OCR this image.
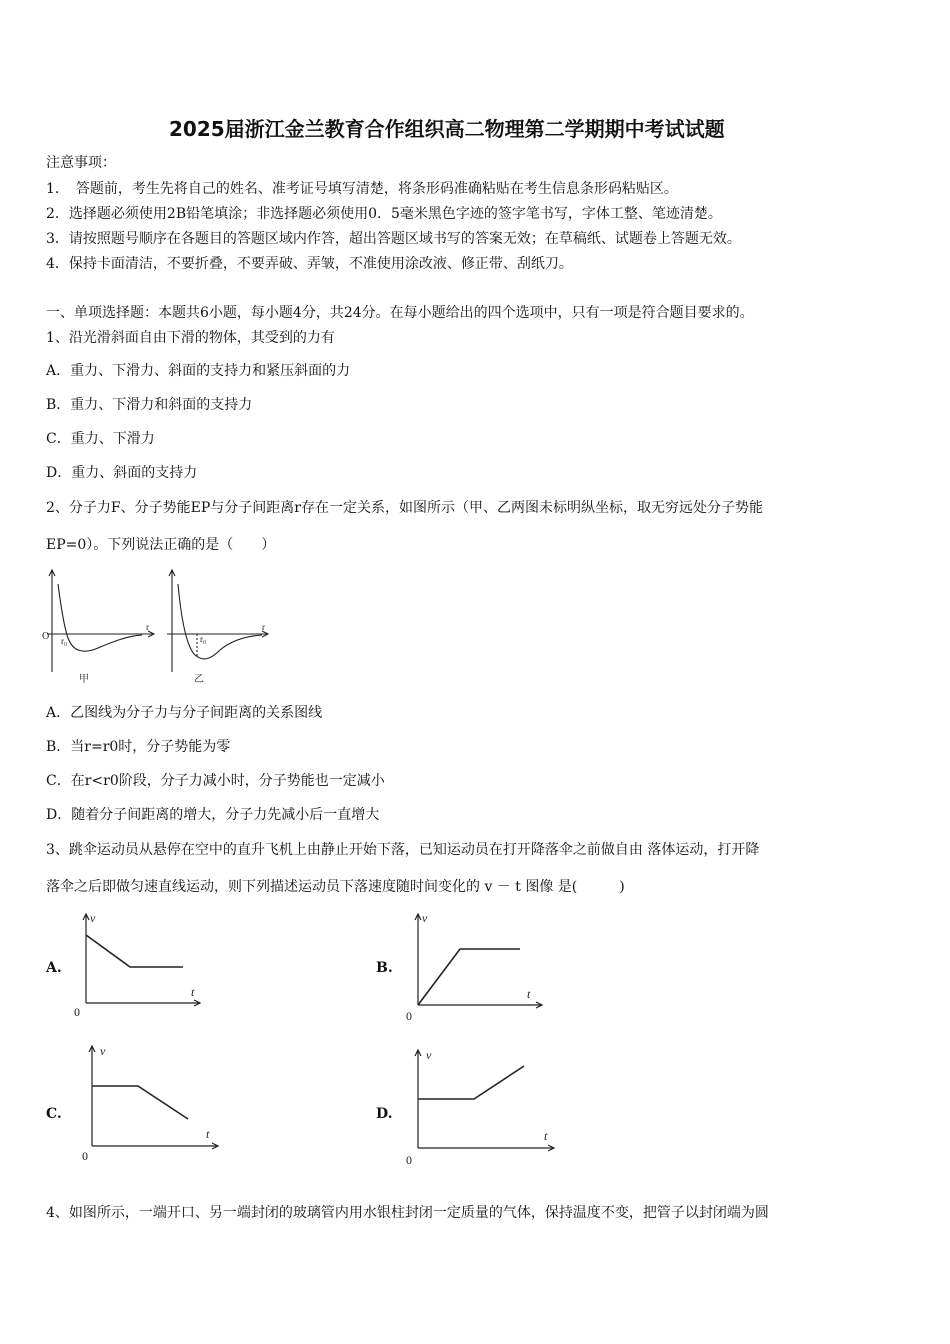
2025届浙江金兰教育合作组织高二物理第二学期期中考试试题
注意事项：
1．　答题前，考生先将自己的姓名、准考证号填写清楚，将条形码准确粘贴在考生信息条形码粘贴区。
2．选择题必须使用2B铅笔填涂；非选择题必须使用0．5毫米黑色字迹的签字笔书写，字体工整、笔迹清楚。
3．请按照题号顺序在各题目的答题区域内作答，超出答题区域书写的答案无效；在草稿纸、试题卷上答题无效。
4．保持卡面清洁，不要折叠，不要弄破、弄皱，不准使用涂改液、修正带、刮纸刀。
一、单项选择题：本题共6小题，每小题4分，共24分。在每小题给出的四个选项中，只有一项是符合题目要求的。
1、沿光滑斜面自由下滑的物体，其受到的力有
A．重力、下滑力、斜面的支持力和紧压斜面的力
B．重力、下滑力和斜面的支持力
C．重力、下滑力
D．重力、斜面的支持力
2、分子力F、分子势能EP与分子间距离r存在一定关系，如图所示（甲、乙两图未标明纵坐标，取无穷远处分子势能
EP=0）。下列说法正确的是（　　）
O r₀
r
甲
r₀
r
乙
A．乙图线为分子力与分子间距离的关系图线
B．当r=r0时，分子势能为零
C．在r<r0阶段，分子力减小时，分子势能也一定减小
D．随着分子间距离的增大，分子力先减小后一直增大
3、跳伞运动员从悬停在空中的直升飞机上由静止开始下落，已知运动员在打开降落伞之前做自由 落体运动，打开降
落伞之后即做匀速直线运动，则下列描述运动员下落速度随时间变化的 v － t 图像 是(　　　)
A.
v
t
0
B.
v
t
0
C.
v
t
0
D.
v
t
0
4、如图所示，一端开口、另一端封闭的玻璃管内用水银柱封闭一定质量的气体，保持温度不变，把管子以封闭端为圆
